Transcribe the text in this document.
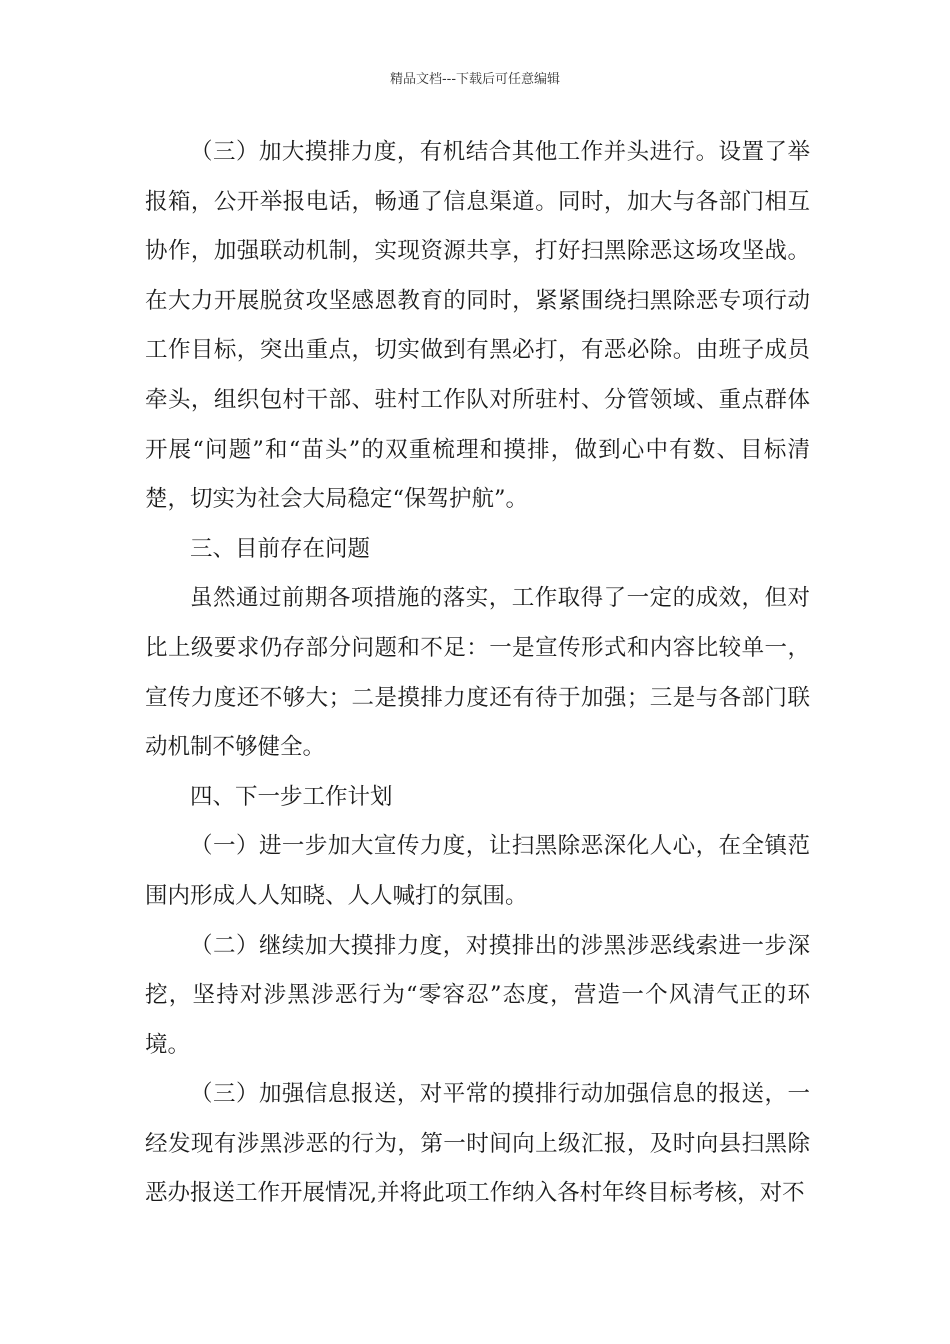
精品文档---下载后可任意编辑

（三）加大摸排力度，有机结合其他工作并头进行。设置了举报箱，公开举报电话，畅通了信息渠道。同时，加大与各部门相互协作，加强联动机制，实现资源共享，打好扫黑除恶这场攻坚战。在大力开展脱贫攻坚感恩教育的同时，紧紧围绕扫黑除恶专项行动工作目标，突出重点，切实做到有黑必打，有恶必除。由班子成员牵头，组织包村干部、驻村工作队对所驻村、分管领域、重点群体开展“问题”和“苗头”的双重梳理和摸排，做到心中有数、目标清楚，切实为社会大局稳定“保驾护航”。

三、目前存在问题

虽然通过前期各项措施的落实，工作取得了一定的成效，但对比上级要求仍存部分问题和不足：一是宣传形式和内容比较单一，宣传力度还不够大；二是摸排力度还有待于加强；三是与各部门联动机制不够健全。

四、下一步工作计划

（一）进一步加大宣传力度，让扫黑除恶深化人心，在全镇范围内形成人人知晓、人人喊打的氛围。

（二）继续加大摸排力度，对摸排出的涉黑涉恶线索进一步深挖，坚持对涉黑涉恶行为“零容忍”态度，营造一个风清气正的环境。

（三）加强信息报送，对平常的摸排行动加强信息的报送，一经发现有涉黑涉恶的行为，第一时间向上级汇报，及时向县扫黑除恶办报送工作开展情况,并将此项工作纳入各村年终目标考核，对不
